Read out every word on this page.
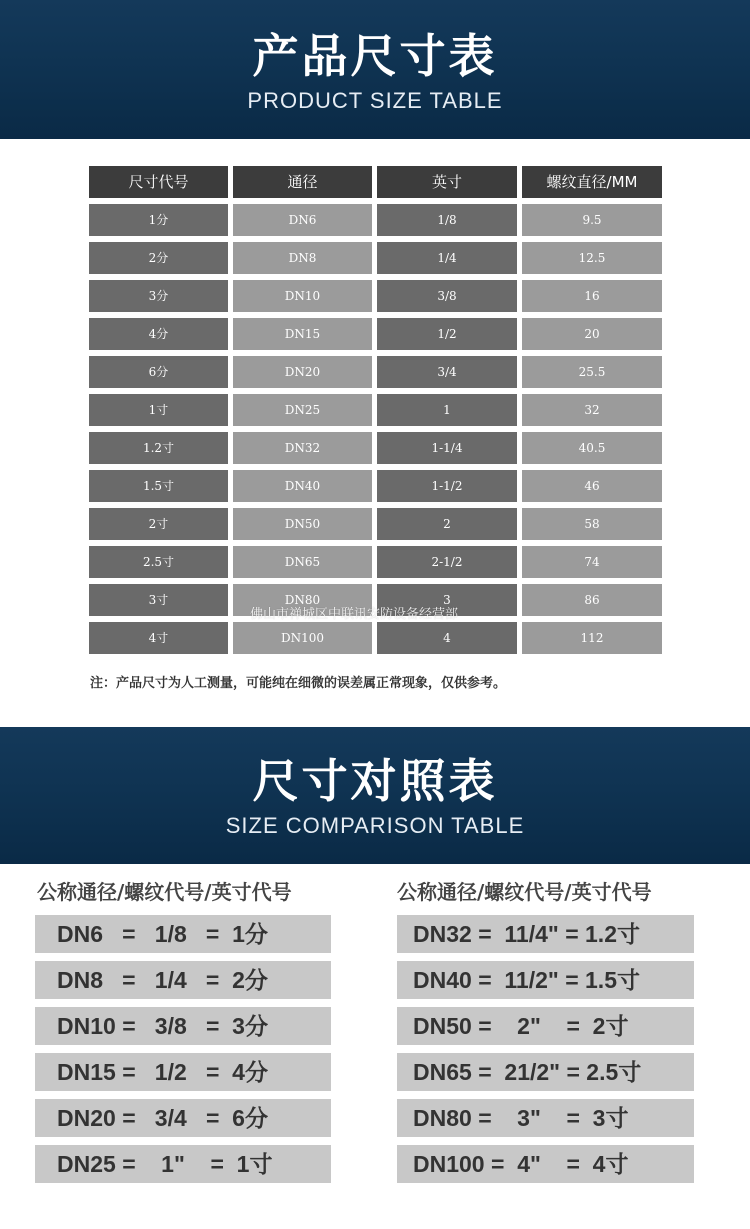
产品尺寸表
PRODUCT SIZE TABLE
尺寸代号	通径	英寸	螺纹直径/MM
1分	DN6	1/8	9.5
2分	DN8	1/4	12.5
3分	DN10	3/8	16
4分	DN15	1/2	20
6分	DN20	3/4	25.5
1寸	DN25	1	32
1.2寸	DN32	1-1/4	40.5
1.5寸	DN40	1-1/2	46
2寸	DN50	2	58
2.5寸	DN65	2-1/2	74
3寸	DN80	3	86
4寸	DN100	4	112
佛山市禅城区中联讯安防设备经营部
注：产品尺寸为人工测量，可能纯在细微的误差属正常现象，仅供参考。
尺寸对照表
SIZE COMPARISON TABLE
公称通径/螺纹代号/英寸代号
DN6   =   1/8   =  1分
DN8   =   1/4   =  2分
DN10 =   3/8   =  3分
DN15 =   1/2   =  4分
DN20 =   3/4   =  6分
DN25 =    1"    =  1寸
公称通径/螺纹代号/英寸代号
DN32 =  11/4" = 1.2寸
DN40 =  11/2" = 1.5寸
DN50 =    2"    =  2寸
DN65 =  21/2" = 2.5寸
DN80 =    3"    =  3寸
DN100 =  4"    =  4寸
